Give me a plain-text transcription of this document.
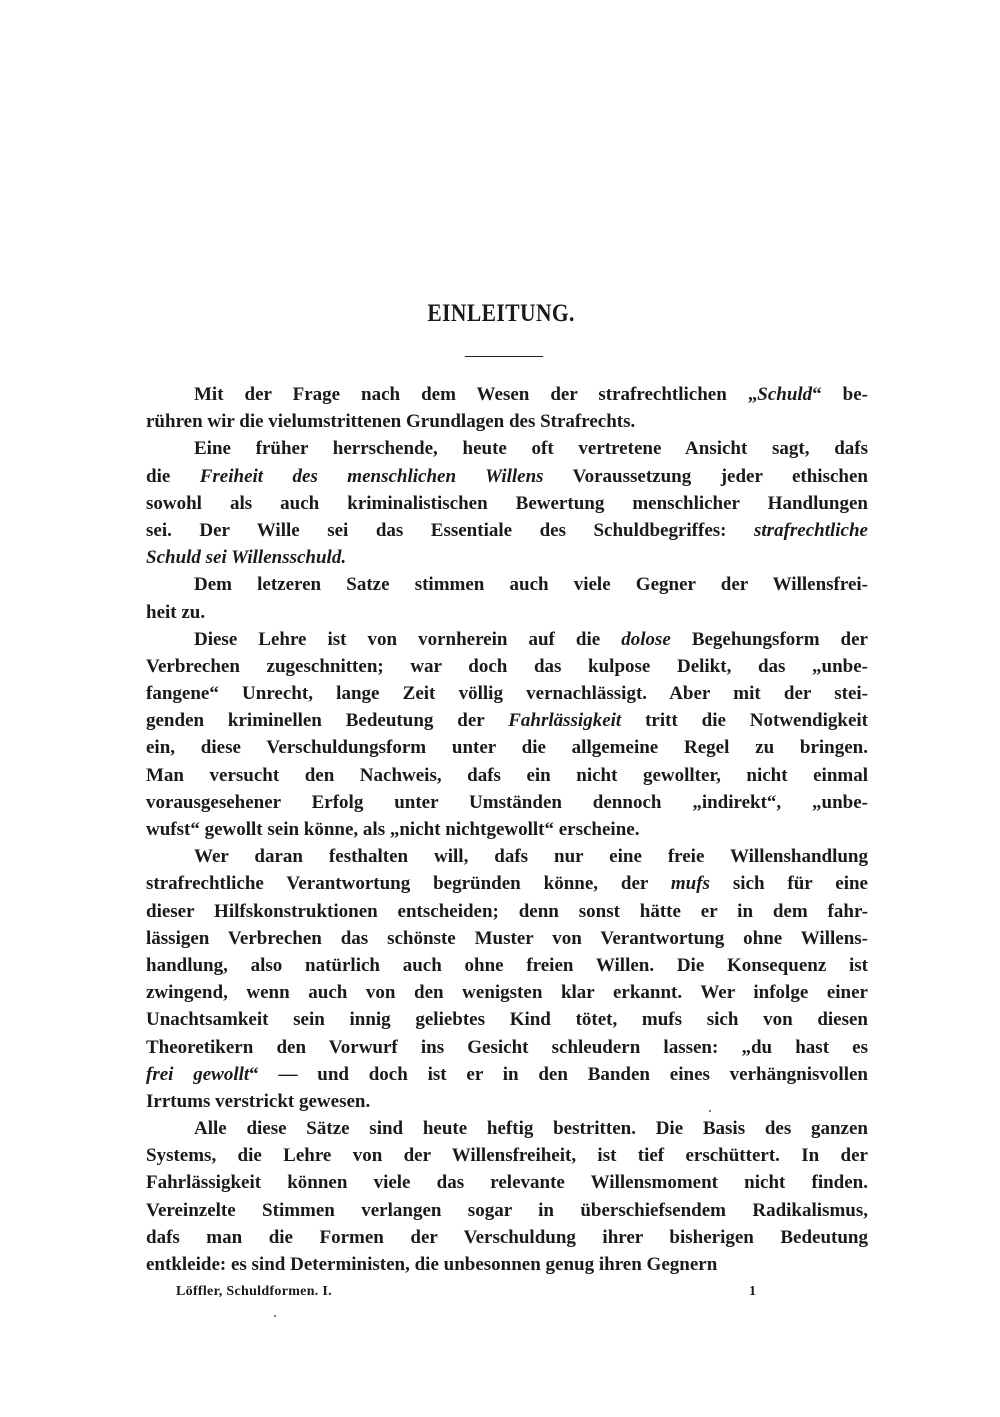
EINLEITUNG.
Mit der Frage nach dem Wesen der strafrechtlichen „Schuld“ be-
rühren wir die vielumstrittenen Grundlagen des Strafrechts.
Eine früher herrschende, heute oft vertretene Ansicht sagt, dafs
die Freiheit des menschlichen Willens Voraussetzung jeder ethischen
sowohl als auch kriminalistischen Bewertung menschlicher Handlungen
sei. Der Wille sei das Essentiale des Schuldbegriffes: strafrechtliche
Schuld sei Willensschuld.
Dem letzeren Satze stimmen auch viele Gegner der Willensfrei-
heit zu.
Diese Lehre ist von vornherein auf die dolose Begehungsform der
Verbrechen zugeschnitten; war doch das kulpose Delikt, das „unbe-
fangene“ Unrecht, lange Zeit völlig vernachlässigt. Aber mit der stei-
genden kriminellen Bedeutung der Fahrlässigkeit tritt die Notwendigkeit
ein, diese Verschuldungsform unter die allgemeine Regel zu bringen.
Man versucht den Nachweis, dafs ein nicht gewollter, nicht einmal
vorausgesehener Erfolg unter Umständen dennoch „indirekt“, „unbe-
wufst“ gewollt sein könne, als „nicht nichtgewollt“ erscheine.
Wer daran festhalten will, dafs nur eine freie Willenshandlung
strafrechtliche Verantwortung begründen könne, der mufs sich für eine
dieser Hilfskonstruktionen entscheiden; denn sonst hätte er in dem fahr-
lässigen Verbrechen das schönste Muster von Verantwortung ohne Willens-
handlung, also natürlich auch ohne freien Willen. Die Konsequenz ist
zwingend, wenn auch von den wenigsten klar erkannt. Wer infolge einer
Unachtsamkeit sein innig geliebtes Kind tötet, mufs sich von diesen
Theoretikern den Vorwurf ins Gesicht schleudern lassen: „du hast es
frei gewollt“ — und doch ist er in den Banden eines verhängnisvollen
Irrtums verstrickt gewesen.
Alle diese Sätze sind heute heftig bestritten. Die Basis des ganzen
Systems, die Lehre von der Willensfreiheit, ist tief erschüttert. In der
Fahrlässigkeit können viele das relevante Willensmoment nicht finden.
Vereinzelte Stimmen verlangen sogar in überschiefsendem Radikalismus,
dafs man die Formen der Verschuldung ihrer bisherigen Bedeutung
entkleide: es sind Deterministen, die unbesonnen genug ihren Gegnern
Löffler, Schuldformen. I.	1
